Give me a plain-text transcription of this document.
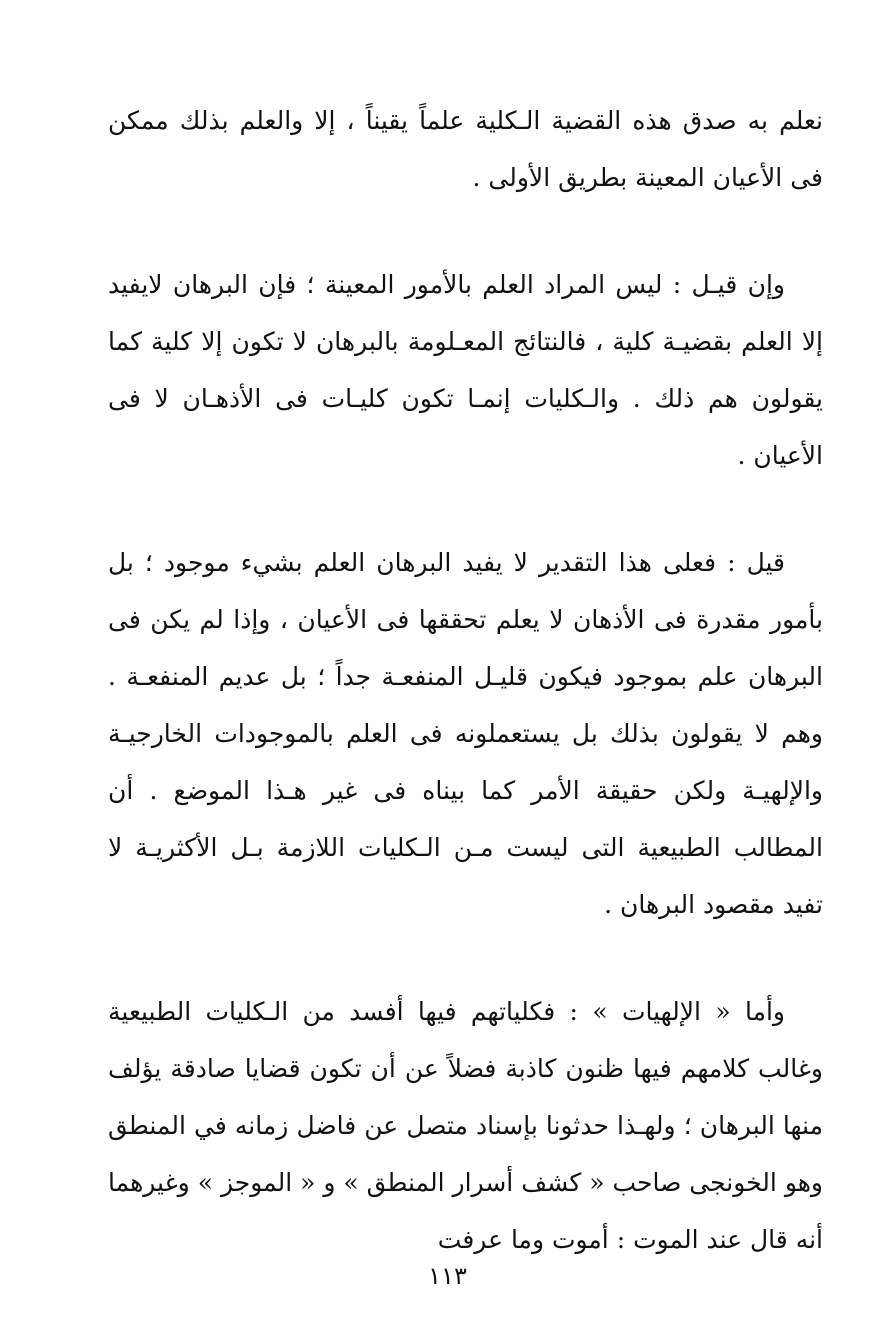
نعلم به صدق هذه القضية الـكلية علماً يقيناً ، إلا والعلم بذلك ممكن فى الأعيان المعينة بطريق الأولى .

وإن قيـل : ليس المراد العلم بالأمور المعينة ؛ فإن البرهان لايفيد إلا العلم بقضيـة كلية ، فالنتائج المعـلومة بالبرهان لا تكون إلا كلية كما يقولون هم ذلك . والـكليات إنمـا تكون كليـات فى الأذهـان لا فى الأعيان .

قيل : فعلى هذا التقدير لا يفيد البرهان العلم بشيء موجود ؛ بل بأمور مقدرة فى الأذهان لا يعلم تحققها فى الأعيان ، وإذا لم يكن فى البرهان علم بموجود فيكون قليـل المنفعـة جداً ؛ بل عديم المنفعـة . وهم لا يقولون بذلك بل يستعملونه فى العلم بالموجودات الخارجيـة والإلهيـة ولكن حقيقة الأمر كما بيناه فى غير هـذا الموضع . أن المطالب الطبيعية التى ليست مـن الـكليات اللازمة بـل الأكثريـة لا تفيد مقصود البرهان .

وأما « الإلهيات » : فكلياتهم فيها أفسد من الـكليات الطبيعية وغالب كلامهم فيها ظنون كاذبة فضلاً عن أن تكون قضايا صادقة يؤلف منها البرهان ؛ ولهـذا حدثونا بإسناد متصل عن فاضل زمانه في المنطق وهو الخونجى صاحب « كشف أسرار المنطق » و « الموجز » وغيرهما أنه قال عند الموت : أموت وما عرفت

١١٣
